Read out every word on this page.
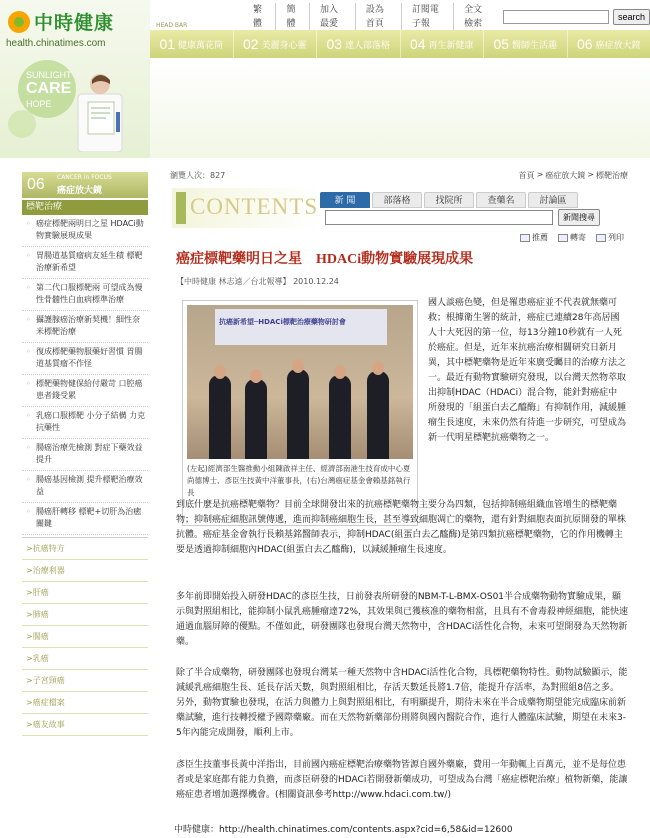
中時健康
health.chinatimes.com
SUNLIGHT
CARE
HOPE
繁體
簡體
加入最愛
設為首頁
訂閱電子報
全文檢索
search
HEAD BAR
01 健康萬花筒 02 美麗身心靈 03 達人部落格 04 再生新健康 05 醫師生活趣 06 癌症放大鏡
06 CANCER in FOCUS
癌症放大鏡
標靶治療
◦ 癌症標靶兩明日之星 HDACi動物實驗展現成果
◦ 胃腸道基質瘤病友延生積 標靶治療新希望
◦ 第二代口服標靶兩 可望成為慢性骨髓性白血病標準治療
◦ 攝護腺癌治療新契機！細性奈米標靶治療
◦ 復成標靶藥物服藥好習慣 胃腸道基質瘤不作怪
◦ 標靶藥物健保給付嚴苛 口腔癌患者錢受累
◦ 乳癌口服標靶 小分子結構 力克抗藥性
◦ 腸癌治療先檢測 對症下藥效益提升
◦ 腸癌基因檢測 提升標靶治療效益
◦ 腸癌肝轉移 標靶+切肝為治癒關鍵
>抗癌特方
>治療利器
>肝癌
>肺癌
>腸癌
>乳癌
>子宮頸癌
>癌症檔案
>癌友故事
瀏覽人次：827	首頁 > 癌症放大鏡 > 標靶治療
CONTENTS	新 聞	部落格	找院所	查藥名	討論區
新聞搜尋
推薦	轉寄	列印
癌症標靶藥明日之星　HDACi動物實驗展現成果
【中時健康 林志遠／台北報導】 2010.12.24
抗癌新希望─HDACi標靶治療藥物研討會
(左起)經濟部生醫推動小組陳啟祥主任、經濟部南港生技育成中心夏尚德博士、彥臣生技黃中洋董事長，(右)台灣癌症基金會賴基銘執行長

國人談癌色變，但是罹患癌症並不代表就無藥可救；根據衛生署的統計，癌症已連續28年高居國人十大死因的第一位，每13分鐘10秒就有一人死於癌症。但是，近年來抗癌治療相關研究日新月異，其中標靶藥物是近年來廣受矚目的治療方法之一。最近有動物實驗研究發現，以台灣天然物萃取出抑制HDAC（HDACi）混合物，能針對癌症中所發現的「組蛋白去乙醯酶」有抑制作用，減緩腫瘤生長速度，未來仍然有待進一步研究，可望成為新一代明星標靶抗癌藥物之一。

到底什麼是抗癌標靶藥物？目前全球開發出來的抗癌標靶藥物主要分為四類，包括抑制癌組織血管增生的標靶藥物；抑制癌症細胞訊號傳遞，進而抑制癌細胞生長，甚至導致細胞凋亡的藥物，還有針對細胞表面抗原開發的單株抗體。癌症基金會執行長賴基銘醫師表示，抑制HDAC(組蛋白去乙醯酶)是第四類抗癌標靶藥物，它的作用機轉主要是透過抑制細胞內HDAC(組蛋白去乙醯酶)，以減緩腫瘤生長速度。

多年前即開始投入研發HDAC的彥臣生技，日前發表所研發的NBM-T-L-BMX-OS01半合成藥物動物實驗成果，顯示與對照組相比，能抑制小鼠乳癌腫瘤達72%，其效果與已獲核准的藥物相當，且具有不會毒殺神經細胞，能快速通過血腦屏障的優點。不僅如此，研發團隊也發現台灣天然物中，含HDACi活性化合物，未來可望開發為天然物新藥。

除了半合成藥物，研發團隊也發現台灣某一種天然物中含HDACi活性化合物，具標靶藥物特性。動物試驗顯示，能減緩乳癌細胞生長、延長存活天數，與對照組相比，存活天數延長將1.7倍，能提升存活率，為對照組8倍之多。另外，動物實驗也發現，在活力與體力上與對照組相比，有明顯提升，期待未來在半合成藥物期望能完成臨床前新藥試驗，進行技轉授權予國際藥廠。而在天然物新藥部份則將與國內醫院合作，進行人體臨床試驗，期望在未來3-5年內能完成開發，順利上市。

彥臣生技董事長黃中洋指出，目前國內癌症標靶治療藥物皆源自國外藥廠，費用一年動輒上百萬元，並不是每位患者或是家庭都有能力負擔，而彥臣研發的HDACi若開發新藥成功，可望成為台灣「癌症標靶治療」植物新藥，能讓癌症患者增加選擇機會。(相關資訊參考http://www.hdaci.com.tw/)

中時健康：http://health.chinatimes.com/contents.aspx?cid=6,58&id=12600
